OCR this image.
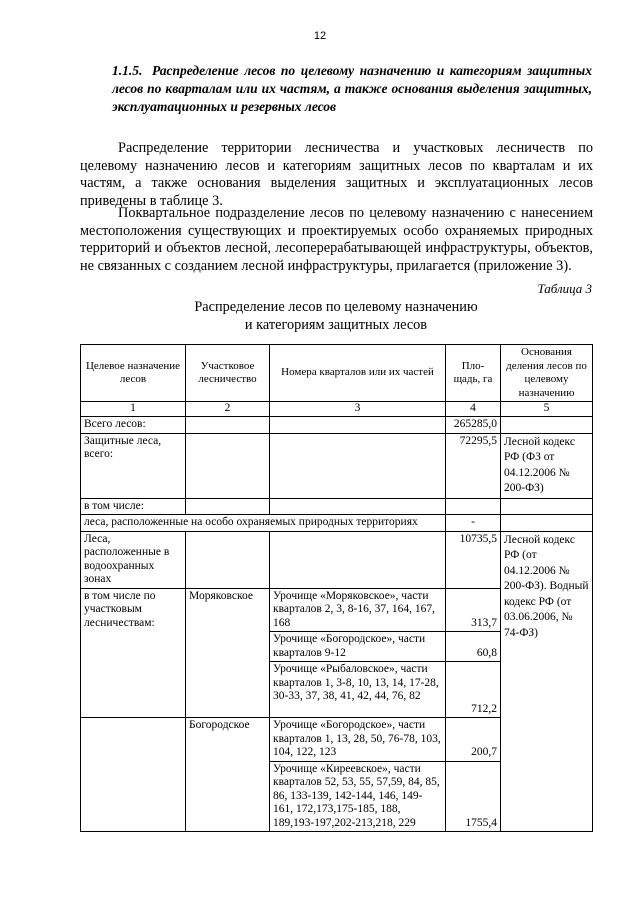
12
1.1.5. Распределение лесов по целевому назначению и категориям защитных лесов по кварталам или их частям, а также основания выделения защитных, эксплуатационных и резервных лесов

Распределение территории лесничества и участковых лесничеств по целевому назначению лесов и категориям защитных лесов по кварталам и их частям, а также основания выделения защитных и эксплуатационных лесов приведены в таблице 3.

Поквартальное подразделение лесов по целевому назначению с нанесением местоположения существующих и проектируемых особо охраняемых природных территорий и объектов лесной, лесоперерабатывающей инфраструктуры, объектов, не связанных с созданием лесной инфраструктуры, прилагается (приложение 3).

Таблица 3
Распределение лесов по целевому назначению
и категориям защитных лесов
Целевое назначение лесов	Участковое лесничество	Номера кварталов или их частей	Пло-щадь, га	Основания деления лесов по целевому назначению
1	2	3	4	5
Всего лесов:			265285,0	
Защитные леса, всего:			72295,5	Лесной кодекс РФ (ФЗ от 04.12.2006 № 200-ФЗ)
в том числе:				
леса, расположенные на особо охраняемых природных территориях			-	
Леса, расположенные в водоохранных зонах			10735,5	Лесной кодекс РФ (от 04.12.2006 № 200-ФЗ). Водный кодекс РФ (от 03.06.2006, № 74-ФЗ)
в том числе по участковым лесничествам:	Моряковское	Урочище «Моряковское», части кварталов 2, 3, 8-16, 37, 164, 167, 168	313,7	
		Урочище «Богородское», части кварталов 9-12	60,8	
		Урочище «Рыбаловское», части кварталов 1, 3-8, 10, 13, 14, 17-28, 30-33, 37, 38, 41, 42, 44, 76, 82	712,2	
	Богородское	Урочище «Богородское», части кварталов 1, 13, 28, 50, 76-78, 103, 104, 122, 123	200,7	
		Урочище «Киреевское», части кварталов 52, 53, 55, 57,59, 84, 85, 86, 133-139, 142-144, 146, 149-161, 172,173,175-185, 188, 189,193-197,202-213,218, 229	1755,4	
